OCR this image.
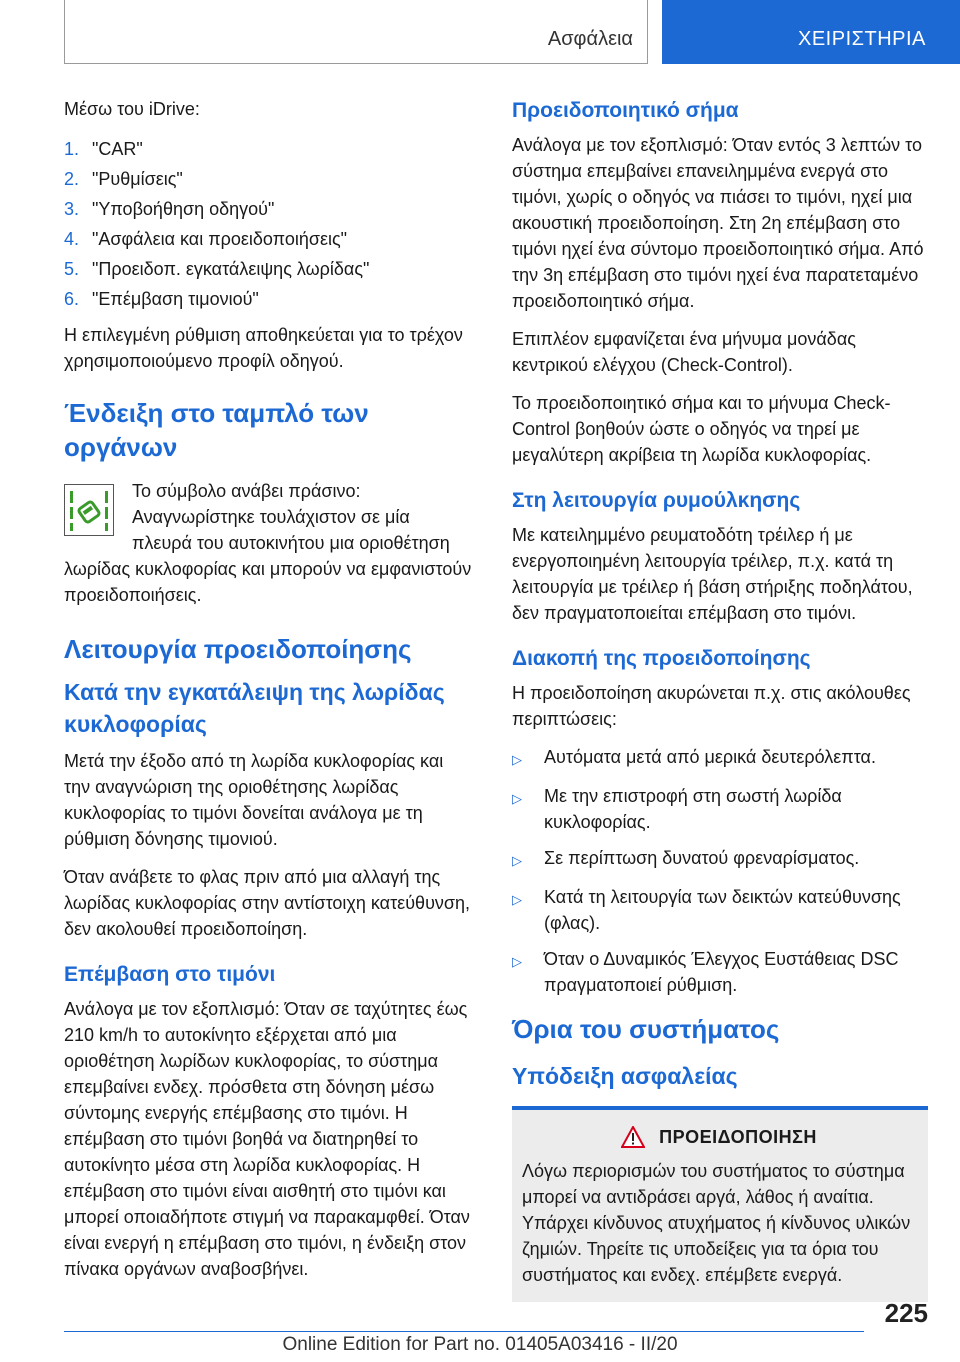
Ασφάλεια	ΧΕΙΡΙΣΤΗΡΙΑ

Μέσω του iDrive:

1. "CAR"
2. "Ρυθμίσεις"
3. "Υποβοήθηση οδηγού"
4. "Ασφάλεια και προειδοποιήσεις"
5. "Προειδοπ. εγκατάλειψης λωρίδας"
6. "Επέμβαση τιμονιού"

Η επιλεγμένη ρύθμιση αποθηκεύεται για το τρέχον χρησιμοποιούμενο προφίλ οδηγού.

Ένδειξη στο ταμπλό των οργάνων

Το σύμβολο ανάβει πράσινο: Αναγνωρίστηκε τουλάχιστον σε μία πλευρά του αυτοκινήτου μια οριοθέτηση λωρίδας κυκλοφορίας και μπορούν να εμφανιστούν προειδοποιήσεις.

Λειτουργία προειδοποίησης
Κατά την εγκατάλειψη της λωρίδας κυκλοφορίας

Μετά την έξοδο από τη λωρίδα κυκλοφορίας και την αναγνώριση της οριοθέτησης λωρίδας κυκλοφορίας το τιμόνι δονείται ανάλογα με τη ρύθμιση δόνησης τιμονιού.

Όταν ανάβετε το φλας πριν από μια αλλαγή της λωρίδας κυκλοφορίας στην αντίστοιχη κατεύθυνση, δεν ακολουθεί προειδοποίηση.

Επέμβαση στο τιμόνι

Ανάλογα με τον εξοπλισμό: Όταν σε ταχύτητες έως 210 km/h το αυτοκίνητο εξέρχεται από μια οριοθέτηση λωρίδων κυκλοφορίας, το σύστημα επεμβαίνει ενδεχ. πρόσθετα στη δόνηση μέσω σύντομης ενεργής επέμβασης στο τιμόνι. Η επέμβαση στο τιμόνι βοηθά να διατηρηθεί το αυτοκίνητο μέσα στη λωρίδα κυκλοφορίας. Η επέμβαση στο τιμόνι είναι αισθητή στο τιμόνι και μπορεί οποιαδήποτε στιγμή να παρακαμφθεί. Όταν είναι ενεργή η επέμβαση στο τιμόνι, η ένδειξη στον πίνακα οργάνων αναβοσβήνει.

Προειδοποιητικό σήμα

Ανάλογα με τον εξοπλισμό: Όταν εντός 3 λεπτών το σύστημα επεμβαίνει επανειλημμένα ενεργά στο τιμόνι, χωρίς ο οδηγός να πιάσει το τιμόνι, ηχεί μια ακουστική προειδοποίηση. Στη 2η επέμβαση στο τιμόνι ηχεί ένα σύντομο προειδοποιητικό σήμα. Από την 3η επέμβαση στο τιμόνι ηχεί ένα παρατεταμένο προειδοποιητικό σήμα.

Επιπλέον εμφανίζεται ένα μήνυμα μονάδας κεντρικού ελέγχου (Check-Control).

Το προειδοποιητικό σήμα και το μήνυμα Check-Control βοηθούν ώστε ο οδηγός να τηρεί με μεγαλύτερη ακρίβεια τη λωρίδα κυκλοφορίας.

Στη λειτουργία ρυμούλκησης

Με κατειλημμένο ρευματοδότη τρέιλερ ή με ενεργοποιημένη λειτουργία τρέιλερ, π.χ. κατά τη λειτουργία με τρέιλερ ή βάση στήριξης ποδηλάτου, δεν πραγματοποιείται επέμβαση στο τιμόνι.

Διακοπή της προειδοποίησης

Η προειδοποίηση ακυρώνεται π.χ. στις ακόλουθες περιπτώσεις:

▷	Αυτόματα μετά από μερικά δευτερόλεπτα.
▷	Με την επιστροφή στη σωστή λωρίδα κυκλοφορίας.
▷	Σε περίπτωση δυνατού φρεναρίσματος.
▷	Κατά τη λειτουργία των δεικτών κατεύθυνσης (φλας).
▷	Όταν ο Δυναμικός Έλεγχος Ευστάθειας DSC πραγματοποιεί ρύθμιση.
Όρια του συστήματος
Υπόδειξη ασφαλείας
ΠΡΟΕΙΔΟΠΟΙΗΣΗ

Λόγω περιορισμών του συστήματος το σύστημα μπορεί να αντιδράσει αργά, λάθος ή αναίτια. Υπάρχει κίνδυνος ατυχήματος ή κίνδυνος υλικών ζημιών. Τηρείτε τις υποδείξεις για τα όρια του συστήματος και ενδεχ. επέμβετε ενεργά.

225
Online Edition for Part no. 01405A03416 - II/20
